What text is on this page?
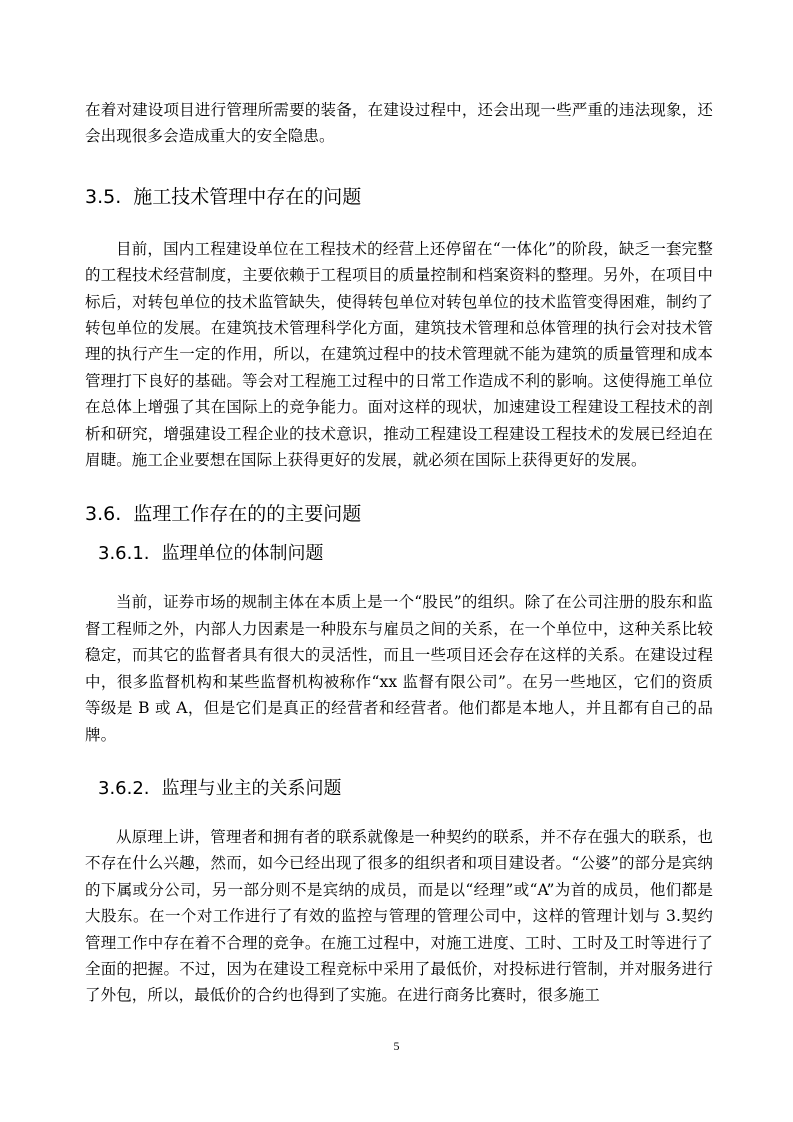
在着对建设项目进行管理所需要的装备，在建设过程中，还会出现一些严重的违法现象，还会出现很多会造成重大的安全隐患。

3.5. 施工技术管理中存在的问题

目前，国内工程建设单位在工程技术的经营上还停留在“一体化”的阶段，缺乏一套完整的工程技术经营制度，主要依赖于工程项目的质量控制和档案资料的整理。另外，在项目中标后，对转包单位的技术监管缺失，使得转包单位对转包单位的技术监管变得困难，制约了转包单位的发展。在建筑技术管理科学化方面，建筑技术管理和总体管理的执行会对技术管理的执行产生一定的作用，所以，在建筑过程中的技术管理就不能为建筑的质量管理和成本管理打下良好的基础。等会对工程施工过程中的日常工作造成不利的影响。这使得施工单位在总体上增强了其在国际上的竞争能力。面对这样的现状，加速建设工程建设工程技术的剖析和研究，增强建设工程企业的技术意识，推动工程建设工程建设工程技术的发展已经迫在眉睫。施工企业要想在国际上获得更好的发展，就必须在国际上获得更好的发展。

3.6. 监理工作存在的的主要问题
3.6.1. 监理单位的体制问题

当前，证券市场的规制主体在本质上是一个“股民”的组织。除了在公司注册的股东和监督工程师之外，内部人力因素是一种股东与雇员之间的关系，在一个单位中，这种关系比较稳定，而其它的监督者具有很大的灵活性，而且一些项目还会存在这样的关系。在建设过程中，很多监督机构和某些监督机构被称作“xx 监督有限公司”。在另一些地区，它们的资质等级是 B 或 A，但是它们是真正的经营者和经营者。他们都是本地人，并且都有自己的品牌。

3.6.2. 监理与业主的关系问题

从原理上讲，管理者和拥有者的联系就像是一种契约的联系，并不存在强大的联系，也不存在什么兴趣，然而，如今已经出现了很多的组织者和项目建设者。“公婆”的部分是宾纳的下属或分公司，另一部分则不是宾纳的成员，而是以“经理”或“A”为首的成员，他们都是大股东。在一个对工作进行了有效的监控与管理的管理公司中，这样的管理计划与 3.契约管理工作中存在着不合理的竞争。在施工过程中，对施工进度、工时、工时及工时等进行了全面的把握。不过，因为在建设工程竞标中采用了最低价，对投标进行管制，并对服务进行了外包，所以，最低价的合约也得到了实施。在进行商务比赛时，很多施工

5
